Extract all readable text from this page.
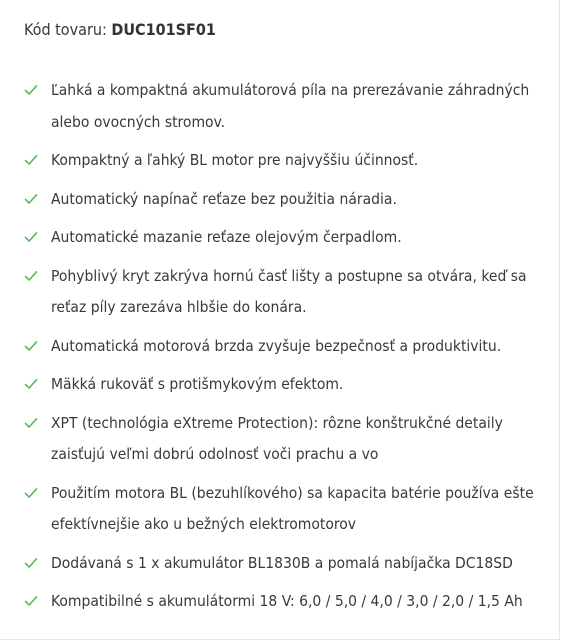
Kód tovaru: DUC101SF01
Ľahká a kompaktná akumulátorová píla na prerezávanie záhradných alebo ovocných stromov.
Kompaktný a ľahký BL motor pre najvyššiu účinnosť.
Automatický napínač reťaze bez použitia náradia.
Automatické mazanie reťaze olejovým čerpadlom.
Pohyblivý kryt zakrýva hornú časť lišty a postupne sa otvára, keď sa reťaz píly zarezáva hlbšie do konára.
Automatická motorová brzda zvyšuje bezpečnosť a produktivitu.
Mäkká rukoväť s protišmykovým efektom.
XPT (technológia eXtreme Protection): rôzne konštrukčné detaily zaisťujú veľmi dobrú odolnosť voči prachu a vo
Použitím motora BL (bezuhlíkového) sa kapacita batérie používa ešte efektívnejšie ako u bežných elektromotorov
Dodávaná s 1 x akumulátor BL1830B a pomalá nabíjačka DC18SD
Kompatibilné s akumulátormi 18 V: 6,0 / 5,0 / 4,0 / 3,0 / 2,0 / 1,5 Ah
